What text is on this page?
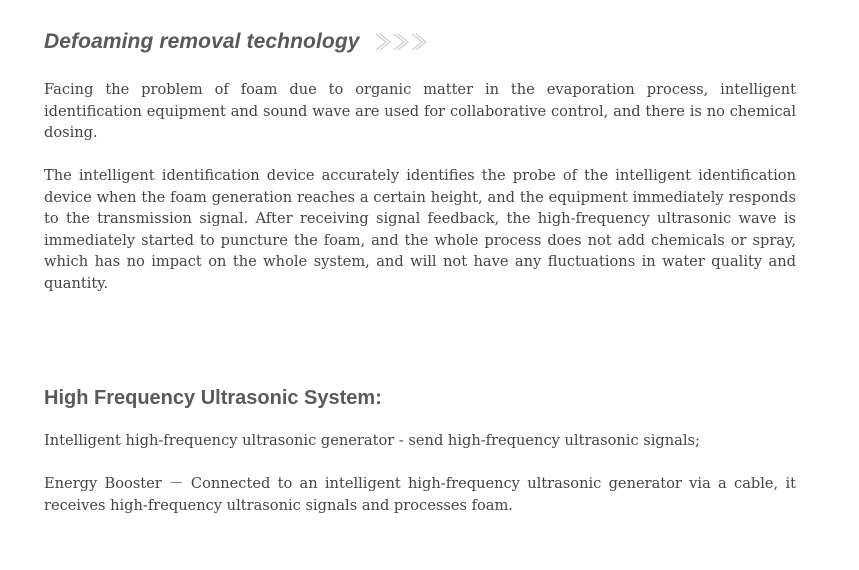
Defoaming removal technology

Facing the problem of foam due to organic matter in the evaporation process, intelligent identification equipment and sound wave are used for collaborative control, and there is no chemical dosing.

The intelligent identification device accurately identifies the probe of the intelligent identification device when the foam generation reaches a certain height, and the equipment immediately responds to the transmission signal. After receiving signal feedback, the high-frequency ultrasonic wave is immediately started to puncture the foam, and the whole process does not add chemicals or spray, which has no impact on the whole system, and will not have any fluctuations in water quality and quantity.

High Frequency Ultrasonic System:

Intelligent high-frequency ultrasonic generator - send high-frequency ultrasonic signals;

Energy Booster － Connected to an intelligent high-frequency ultrasonic generator via a cable, it receives high-frequency ultrasonic signals and processes foam.
